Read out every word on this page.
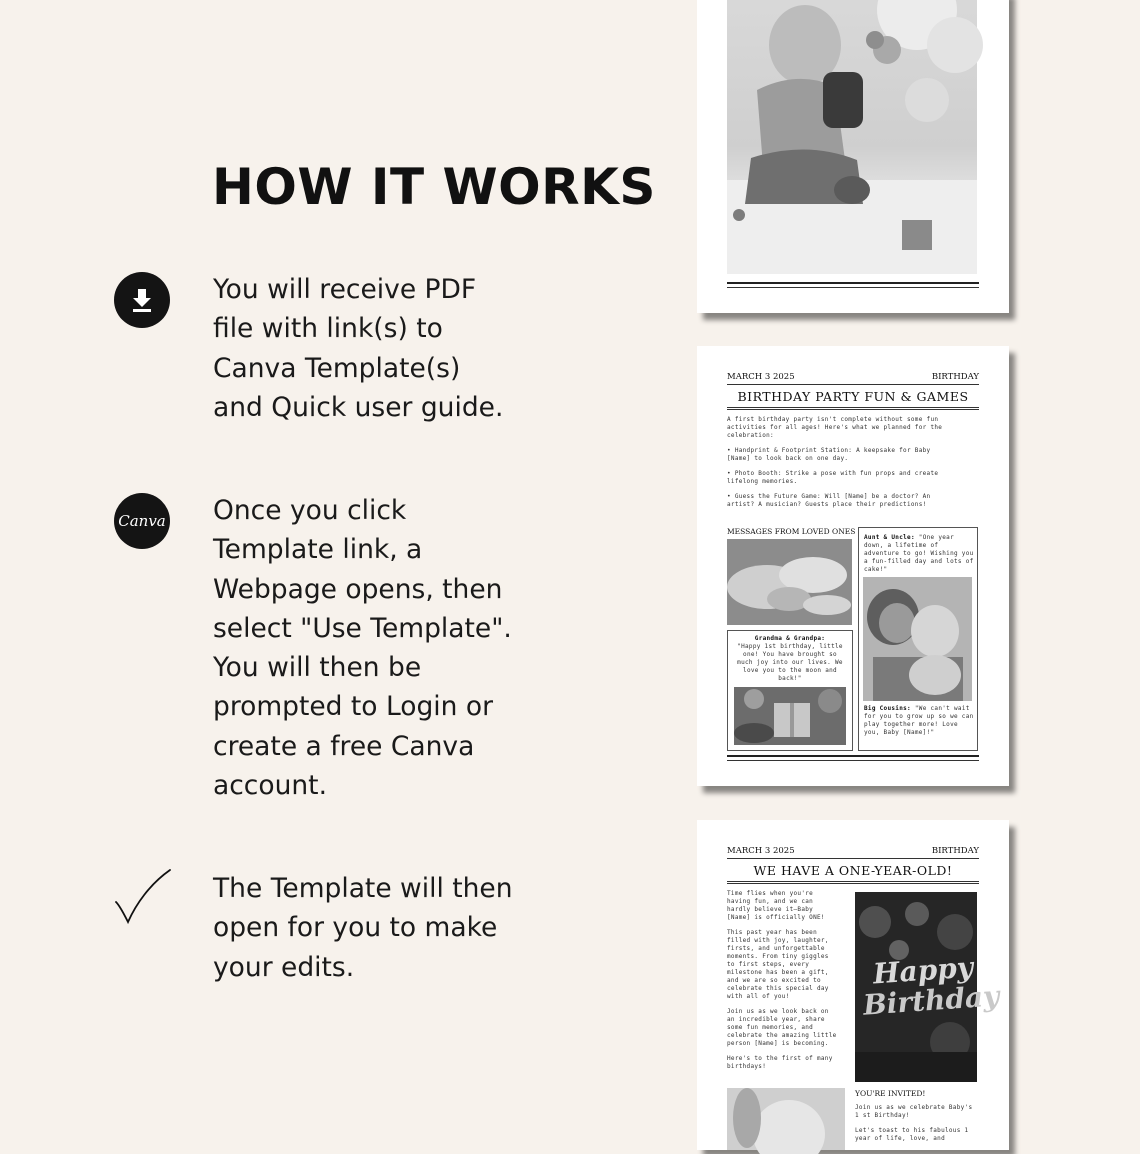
HOW IT WORKS

You will receive PDF
file with link(s) to
Canva Template(s)
and Quick user guide.

Canva Once you click
Template link, a
Webpage opens, then
select "Use Template".
You will then be
prompted to Login or
create a free Canva
account.

The Template will then
open for you to make
your edits.

MARCH 3 2025	BIRTHDAY
BIRTHDAY PARTY FUN & GAMES
A first birthday party isn't complete without some fun activities for all ages! Here's what we planned for the celebration:
• Handprint & Footprint Station: A keepsake for Baby [Name] to look back on one day.
• Photo Booth: Strike a pose with fun props and create lifelong memories.
• Guess the Future Game: Will [Name] be a doctor? An artist? A musician? Guests place their predictions!
MESSAGES FROM LOVED ONES
Grandma & Grandpa:
"Happy 1st birthday, little one! You have brought so much joy into our lives. We love you to the moon and back!"
Aunt & Uncle: "One year down, a lifetime of adventure to go! Wishing you a fun-filled day and lots of cake!"
Big Cousins: "We can't wait for you to grow up so we can play together more! Love you, Baby [Name]!"
MARCH 3 2025	BIRTHDAY
WE HAVE A ONE-YEAR-OLD!
Time flies when you're having fun, and we can hardly believe it—Baby [Name] is officially ONE!
This past year has been filled with joy, laughter, firsts, and unforgettable moments. From tiny giggles to first steps, every milestone has been a gift, and we are so excited to celebrate this special day with all of you!
Join us as we look back on an incredible year, share some fun memories, and celebrate the amazing little person [Name] is becoming.
Here's to the first of many birthdays!
Happy
Birthday
YOU'RE INVITED!
Join us as we celebrate Baby's 1 st Birthday!
Let's toast to his fabulous 1 year of life, love, and
